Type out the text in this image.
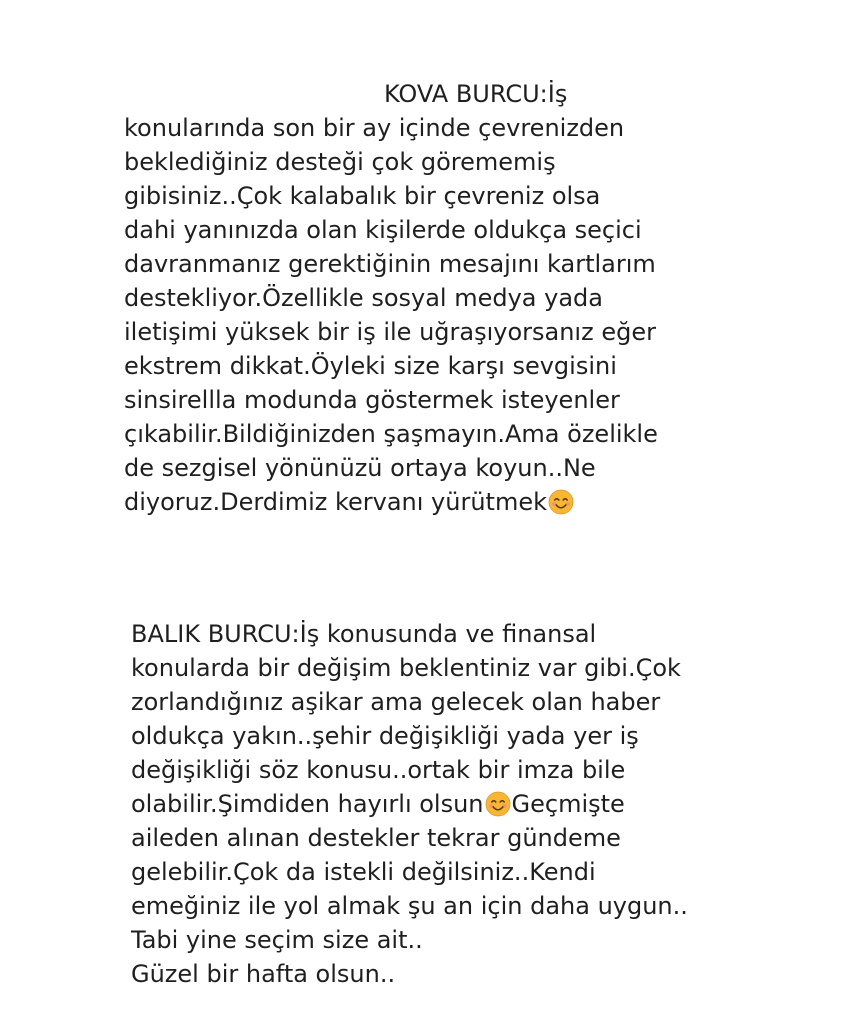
KOVA BURCU:İş
konularında son bir ay içinde çevrenizden
beklediğiniz desteği çok görememiş
gibisiniz..Çok kalabalık bir çevreniz olsa
dahi yanınızda olan kişilerde oldukça seçici
davranmanız gerektiğinin mesajını kartlarım
destekliyor.Özellikle sosyal medya yada
iletişimi yüksek bir iş ile uğraşıyorsanız eğer
ekstrem dikkat.Öyleki size karşı sevgisini
sinsirellla modunda göstermek isteyenler
çıkabilir.Bildiğinizden şaşmayın.Ama özelikle
de sezgisel yönünüzü ortaya koyun..Ne
diyoruz.Derdimiz kervanı yürütmek
BALIK BURCU:İş konusunda ve finansal
konularda bir değişim beklentiniz var gibi.Çok
zorlandığınız aşikar ama gelecek olan haber
oldukça yakın..şehir değişikliği yada yer iş
değişikliği söz konusu..ortak bir imza bile
olabilir.Şimdiden hayırlı olsun Geçmişte
aileden alınan destekler tekrar gündeme
gelebilir.Çok da istekli değilsiniz..Kendi
emeğiniz ile yol almak şu an için daha uygun..
Tabi yine seçim size ait..
Güzel bir hafta olsun..
